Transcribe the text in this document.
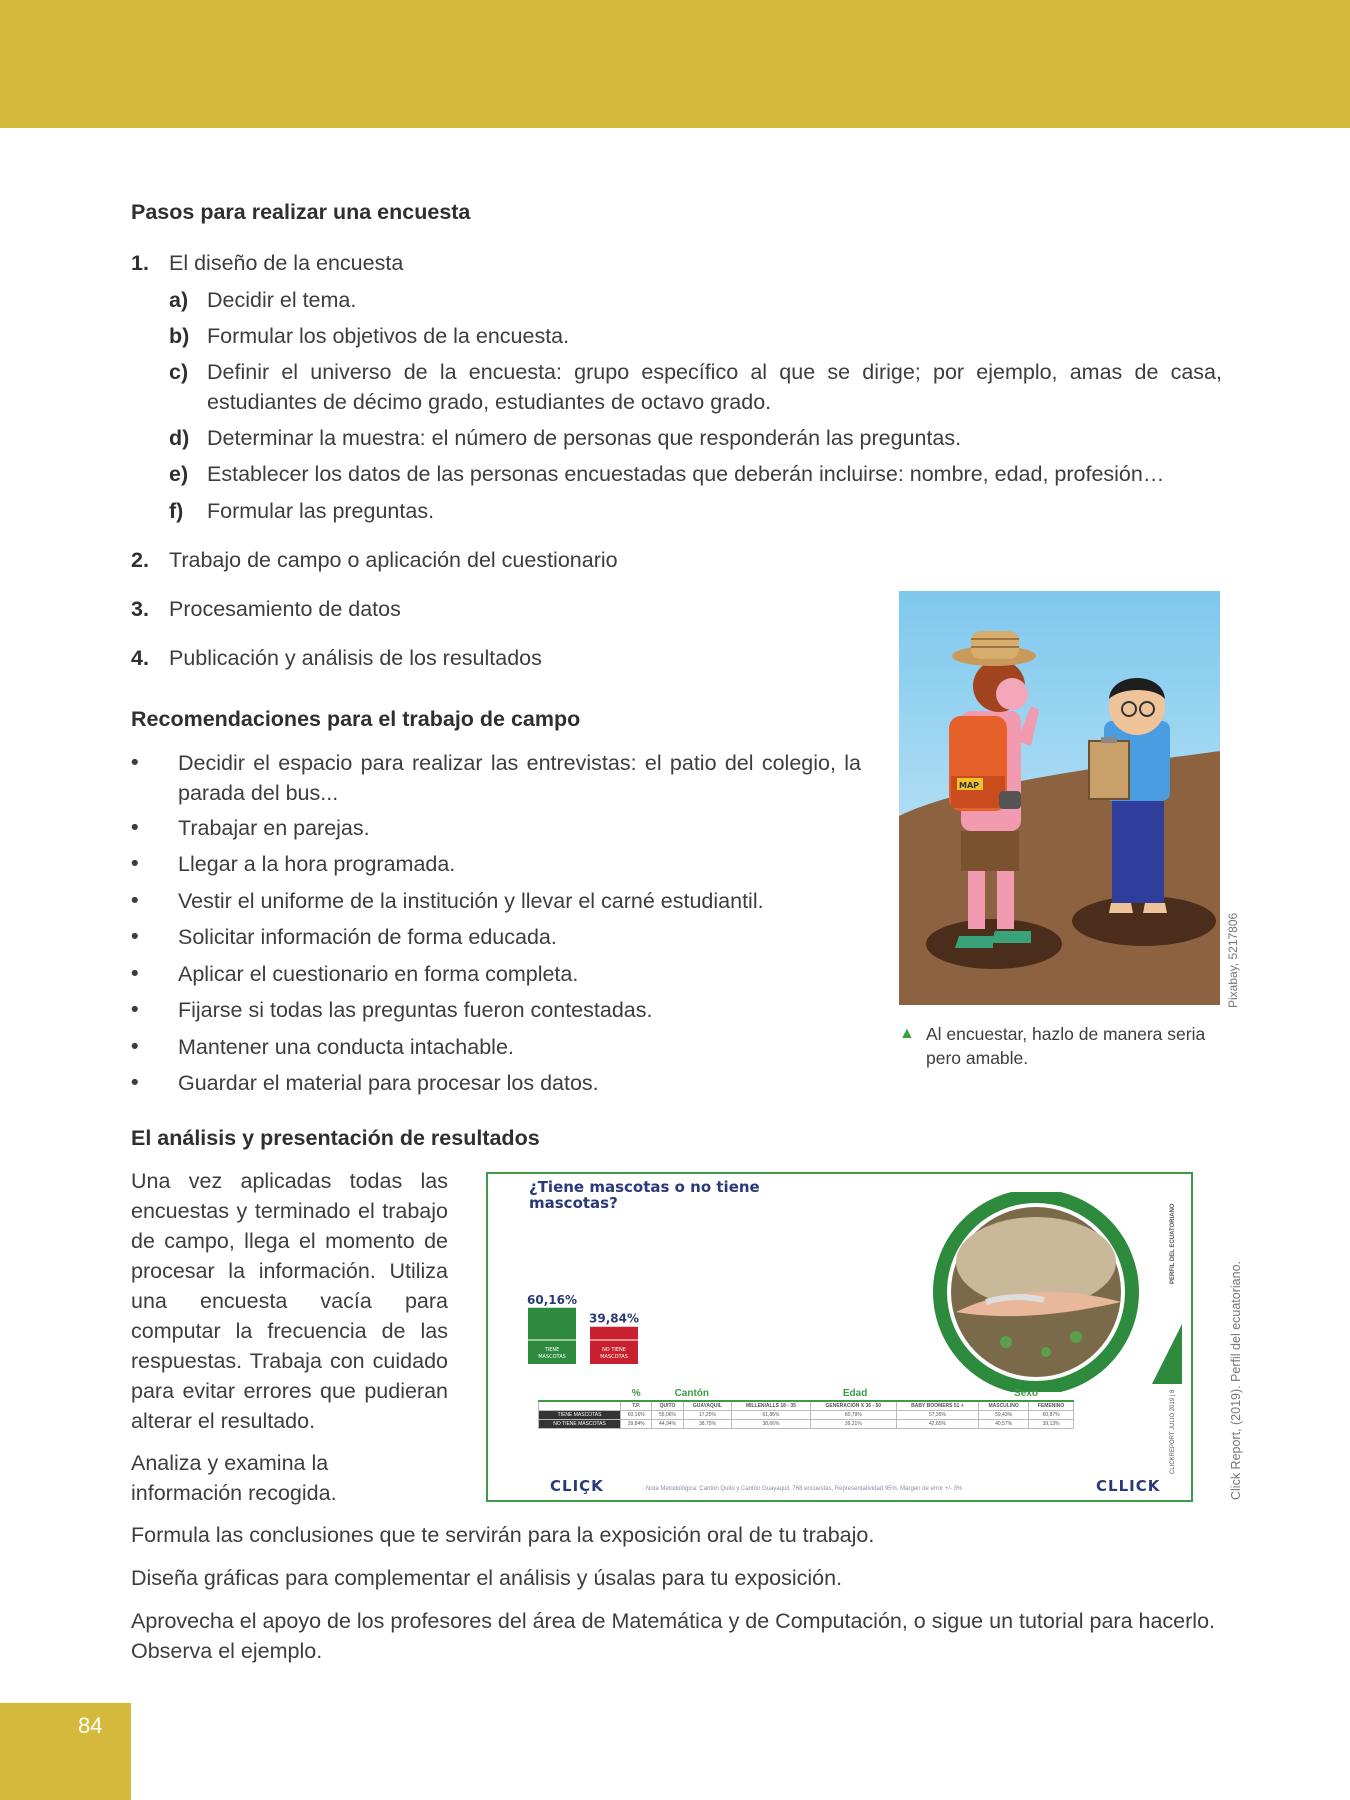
Pasos para realizar una encuesta
1. El diseño de la encuesta
a) Decidir el tema.
b) Formular los objetivos de la encuesta.
c) Definir el universo de la encuesta: grupo específico al que se dirige; por ejemplo, amas de casa, estudiantes de décimo grado, estudiantes de octavo grado.
d) Determinar la muestra: el número de personas que responderán las preguntas.
e) Establecer los datos de las personas encuestadas que deberán incluirse: nombre, edad, profesión…
f) Formular las preguntas.
2. Trabajo de campo o aplicación del cuestionario
3. Procesamiento de datos
4. Publicación y análisis de los resultados
Recomendaciones para el trabajo de campo
• Decidir el espacio para realizar las entrevistas: el patio del colegio, la parada del bus...
• Trabajar en parejas.
• Llegar a la hora programada.
• Vestir el uniforme de la institución y llevar el carné estudiantil.
• Solicitar información de forma educada.
• Aplicar el cuestionario en forma completa.
• Fijarse si todas las preguntas fueron contestadas.
• Mantener una conducta intachable.
• Guardar el material para procesar los datos.
MAP
Pixabay, 5217806
▲ Al encuestar, hazlo de manera seria pero amable.
El análisis y presentación de resultados
Una vez aplicadas todas las encuestas y terminado el trabajo de campo, llega el momento de procesar la información. Utiliza una encuesta vacía para computar la frecuencia de las respuestas. Trabaja con cuidado para evitar errores que pudieran alterar el resultado.
Analiza y examina la información recogida.
¿Tiene mascotas o no tiene mascotas?
60,16%
TIENE
MASCOTAS
39,84%
NO TIENE
MASCOTAS
	%	Cantón		Edad			Sexo	
	T.P.	QUITO	GUAYAQUIL	MILLENIALLS 18 - 35	GENERACIÓN X 36 - 50	BABY BOOMERS 51 +	MASCULINO	FEMENINO
TIENE MASCOTAS	60,16%	55,06%	17,25%	61,86%	60,79%	57,35%	59,43%	60,87%
NO TIENE MASCOTAS	39,84%	44,94%	38,75%	38,66%	39,21%	42,65%	40,57%	39,13%
CLIÇK	Nota Metodológica: Cantón Quito y Cantón Guayaquil, 768 encuestas, Representatividad 95%, Margen de error +/- 3%	CLLICK
PERFIL DEL ECUATORIANO
CLICKREPORT JULIO 2019 | 8	Click Report, (2019). Perfil del ecuatoriano.
Formula las conclusiones que te servirán para la exposición oral de tu trabajo.
Diseña gráficas para complementar el análisis y úsalas para tu exposición.
Aprovecha el apoyo de los profesores del área de Matemática y de Computación, o sigue un tutorial para hacerlo. Observa el ejemplo.
84
